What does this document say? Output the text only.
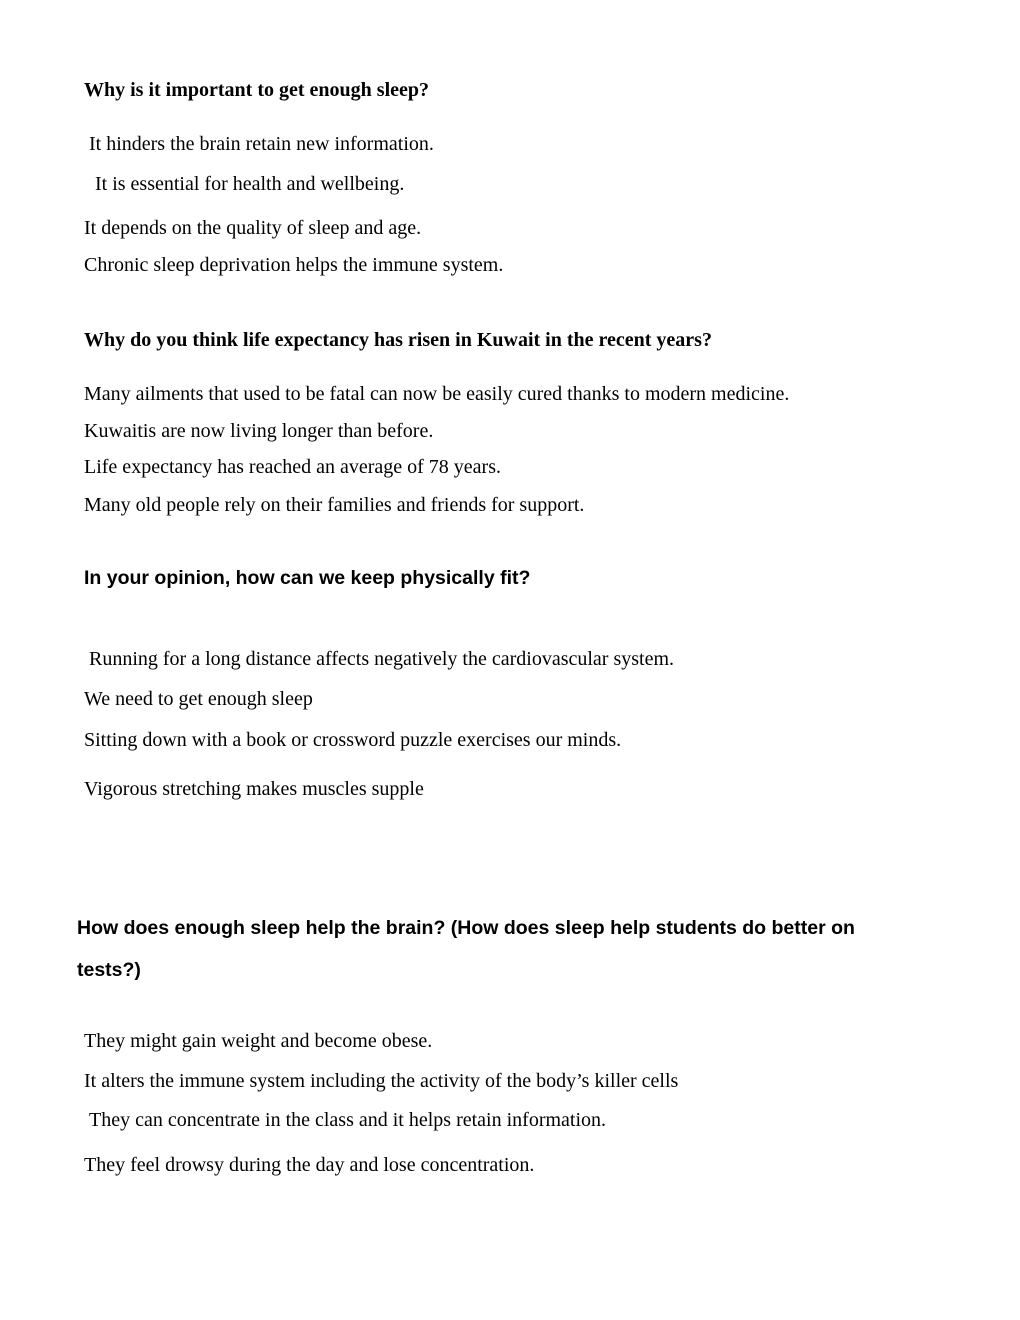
Why is it important to get enough sleep?

It hinders the brain retain new information.

It is essential for health and wellbeing.

It depends on the quality of sleep and age.

Chronic sleep deprivation helps the immune system.

Why do you think life expectancy has risen in Kuwait in the recent years?

Many ailments that used to be fatal can now be easily cured thanks to modern medicine.

Kuwaitis are now living longer than before.

Life expectancy has reached an average of 78 years.

Many old people rely on their families and friends for support.

In your opinion, how can we keep physically fit?

Running for a long distance affects negatively the cardiovascular system.

We need to get enough sleep

Sitting down with a book or crossword puzzle exercises our minds.

Vigorous stretching makes muscles supple

How does enough sleep help the brain? (How does sleep help students do better on tests?)

They might gain weight and become obese.

It alters the immune system including the activity of the body’s killer cells

They can concentrate in the class and it helps retain information.

They feel drowsy during the day and lose concentration.
